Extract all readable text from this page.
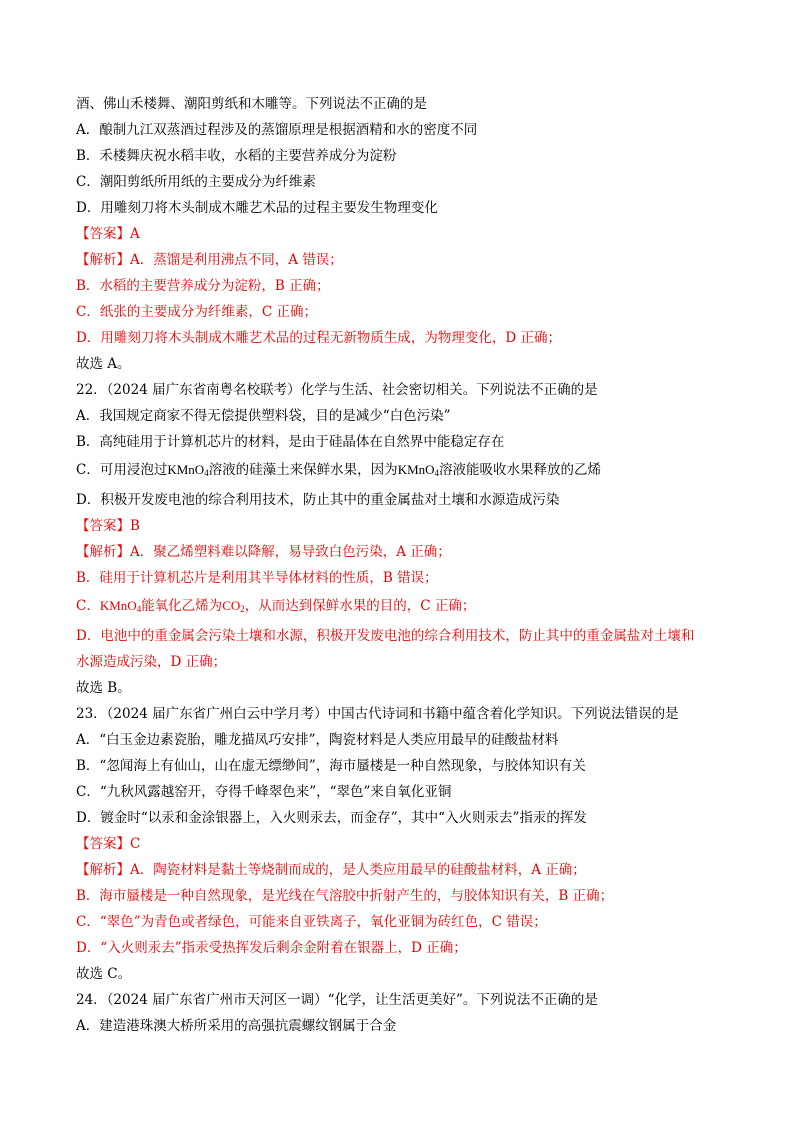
酒、佛山禾楼舞、潮阳剪纸和木雕等。下列说法不正确的是
A．酿制九江双蒸酒过程涉及的蒸馏原理是根据酒精和水的密度不同
B．禾楼舞庆祝水稻丰收，水稻的主要营养成分为淀粉
C．潮阳剪纸所用纸的主要成分为纤维素
D．用雕刻刀将木头制成木雕艺术品的过程主要发生物理变化
【答案】A
【解析】A．蒸馏是利用沸点不同，A 错误；
B．水稻的主要营养成分为淀粉，B 正确；
C．纸张的主要成分为纤维素，C 正确；
D．用雕刻刀将木头制成木雕艺术品的过程无新物质生成，为物理变化，D 正确；
故选 A。
22．（2024 届广东省南粤名校联考）化学与生活、社会密切相关。下列说法不正确的是
A．我国规定商家不得无偿提供塑料袋，目的是减少“白色污染”
B．高纯硅用于计算机芯片的材料，是由于硅晶体在自然界中能稳定存在
C．可用浸泡过KMnO$_4$溶液的硅藻土来保鲜水果，因为KMnO$_4$溶液能吸收水果释放的乙烯
D．积极开发废电池的综合利用技术，防止其中的重金属盐对土壤和水源造成污染
【答案】B
【解析】A．聚乙烯塑料难以降解，易导致白色污染，A 正确；
B．硅用于计算机芯片是利用其半导体材料的性质，B 错误；
C．KMnO$_4$能氧化乙烯为$CO_2$，从而达到保鲜水果的目的，C 正确；
D．电池中的重金属会污染土壤和水源，积极开发废电池的综合利用技术，防止其中的重金属盐对土壤和
水源造成污染，D 正确；
故选 B。
23．（2024 届广东省广州白云中学月考）中国古代诗词和书籍中蕴含着化学知识。下列说法错误的是
A．“白玉金边素瓷胎，雕龙描凤巧安排”，陶瓷材料是人类应用最早的硅酸盐材料
B．“忽闻海上有仙山，山在虚无缥缈间”，海市蜃楼是一种自然现象，与胶体知识有关
C．“九秋风露越窑开，夺得千峰翠色来”，“翠色”来自氧化亚铜
D．镀金时“以汞和金涂银器上，入火则汞去，而金存”，其中“入火则汞去”指汞的挥发
【答案】C
【解析】A．陶瓷材料是黏土等烧制而成的，是人类应用最早的硅酸盐材料，A 正确；
B．海市蜃楼是一种自然现象，是光线在气溶胶中折射产生的，与胶体知识有关，B 正确；
C．“翠色”为青色或者绿色，可能来自亚铁离子，氧化亚铜为砖红色，C 错误；
D．“入火则汞去”指汞受热挥发后剩余金附着在银器上，D 正确；
故选 C。
24．（2024 届广东省广州市天河区一调）“化学，让生活更美好”。下列说法不正确的是
A．建造港珠澳大桥所采用的高强抗震螺纹钢属于合金
